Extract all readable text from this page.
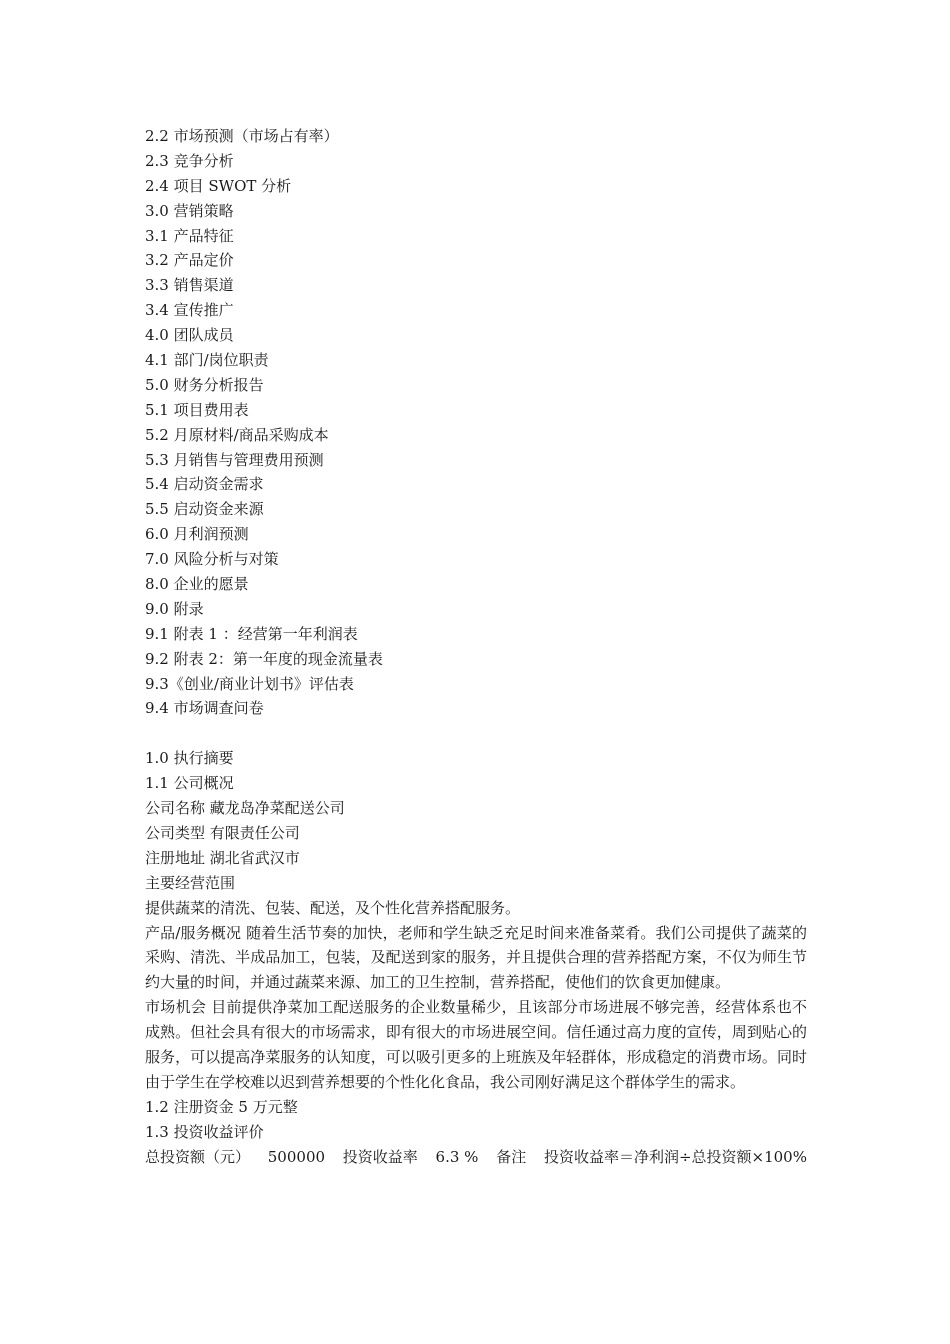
2.2 市场预测（市场占有率）
2.3 竞争分析
2.4 项目 SWOT 分析
3.0 营销策略
3.1 产品特征
3.2 产品定价
3.3 销售渠道
3.4 宣传推广
4.0 团队成员
4.1 部门/岗位职责
5.0 财务分析报告
5.1 项目费用表
5.2 月原材料/商品采购成本
5.3 月销售与管理费用预测
5.4 启动资金需求
5.5 启动资金来源
6.0 月利润预测
7.0 风险分析与对策
8.0 企业的愿景
9.0 附录
9.1 附表 1 ：经营第一年利润表
9.2 附表 2：第一年度的现金流量表
9.3《创业/商业计划书》评估表
9.4 市场调查问卷
1.0 执行摘要
1.1 公司概况
公司名称 藏龙岛净菜配送公司
公司类型 有限责任公司
注册地址 湖北省武汉市
主要经营范围
提供蔬菜的清洗、包装、配送，及个性化营养搭配服务。
产品/服务概况 随着生活节奏的加快，老师和学生缺乏充足时间来准备菜肴。我们公司提供了蔬菜的采购、清洗、半成品加工，包装，及配送到家的服务，并且提供合理的营养搭配方案，不仅为师生节约大量的时间，并通过蔬菜来源、加工的卫生控制，营养搭配，使他们的饮食更加健康。
市场机会 目前提供净菜加工配送服务的企业数量稀少，且该部分市场进展不够完善，经营体系也不成熟。但社会具有很大的市场需求，即有很大的市场进展空间。信任通过高力度的宣传，周到贴心的服务，可以提高净菜服务的认知度，可以吸引更多的上班族及年轻群体，形成稳定的消费市场。同时由于学生在学校难以迟到营养想要的个性化化食品，我公司刚好满足这个群体学生的需求。
1.2 注册资金 5 万元整
1.3 投资收益评价
总投资额（元） 500000 投资收益率 6.3 % 备注 投资收益率＝净利润÷总投资额×100%
